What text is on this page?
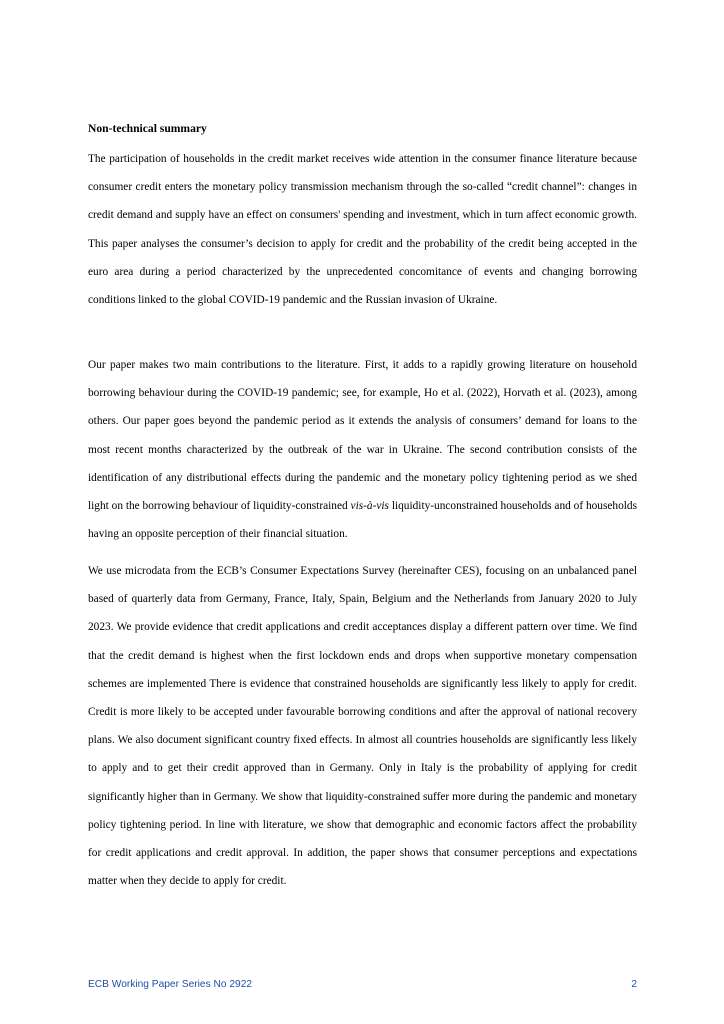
Non-technical summary

The participation of households in the credit market receives wide attention in the consumer finance literature because consumer credit enters the monetary policy transmission mechanism through the so-called “credit channel”: changes in credit demand and supply have an effect on consumers' spending and investment, which in turn affect economic growth. This paper analyses the consumer’s decision to apply for credit and the probability of the credit being accepted in the euro area during a period characterized by the unprecedented concomitance of events and changing borrowing conditions linked to the global COVID-19 pandemic and the Russian invasion of Ukraine.

Our paper makes two main contributions to the literature. First, it adds to a rapidly growing literature on household borrowing behaviour during the COVID-19 pandemic; see, for example, Ho et al. (2022), Horvath et al. (2023), among others. Our paper goes beyond the pandemic period as it extends the analysis of consumers’ demand for loans to the most recent months characterized by the outbreak of the war in Ukraine. The second contribution consists of the identification of any distributional effects during the pandemic and the monetary policy tightening period as we shed light on the borrowing behaviour of liquidity-constrained vis-à-vis liquidity-unconstrained households and of households having an opposite perception of their financial situation.

We use microdata from the ECB’s Consumer Expectations Survey (hereinafter CES), focusing on an unbalanced panel based of quarterly data from Germany, France, Italy, Spain, Belgium and the Netherlands from January 2020 to July 2023. We provide evidence that credit applications and credit acceptances display a different pattern over time. We find that the credit demand is highest when the first lockdown ends and drops when supportive monetary compensation schemes are implemented There is evidence that constrained households are significantly less likely to apply for credit. Credit is more likely to be accepted under favourable borrowing conditions and after the approval of national recovery plans. We also document significant country fixed effects. In almost all countries households are significantly less likely to apply and to get their credit approved than in Germany. Only in Italy is the probability of applying for credit significantly higher than in Germany. We show that liquidity-constrained suffer more during the pandemic and monetary policy tightening period. In line with literature, we show that demographic and economic factors affect the probability for credit applications and credit approval. In addition, the paper shows that consumer perceptions and expectations matter when they decide to apply for credit.

ECB Working Paper Series No 2922	2
